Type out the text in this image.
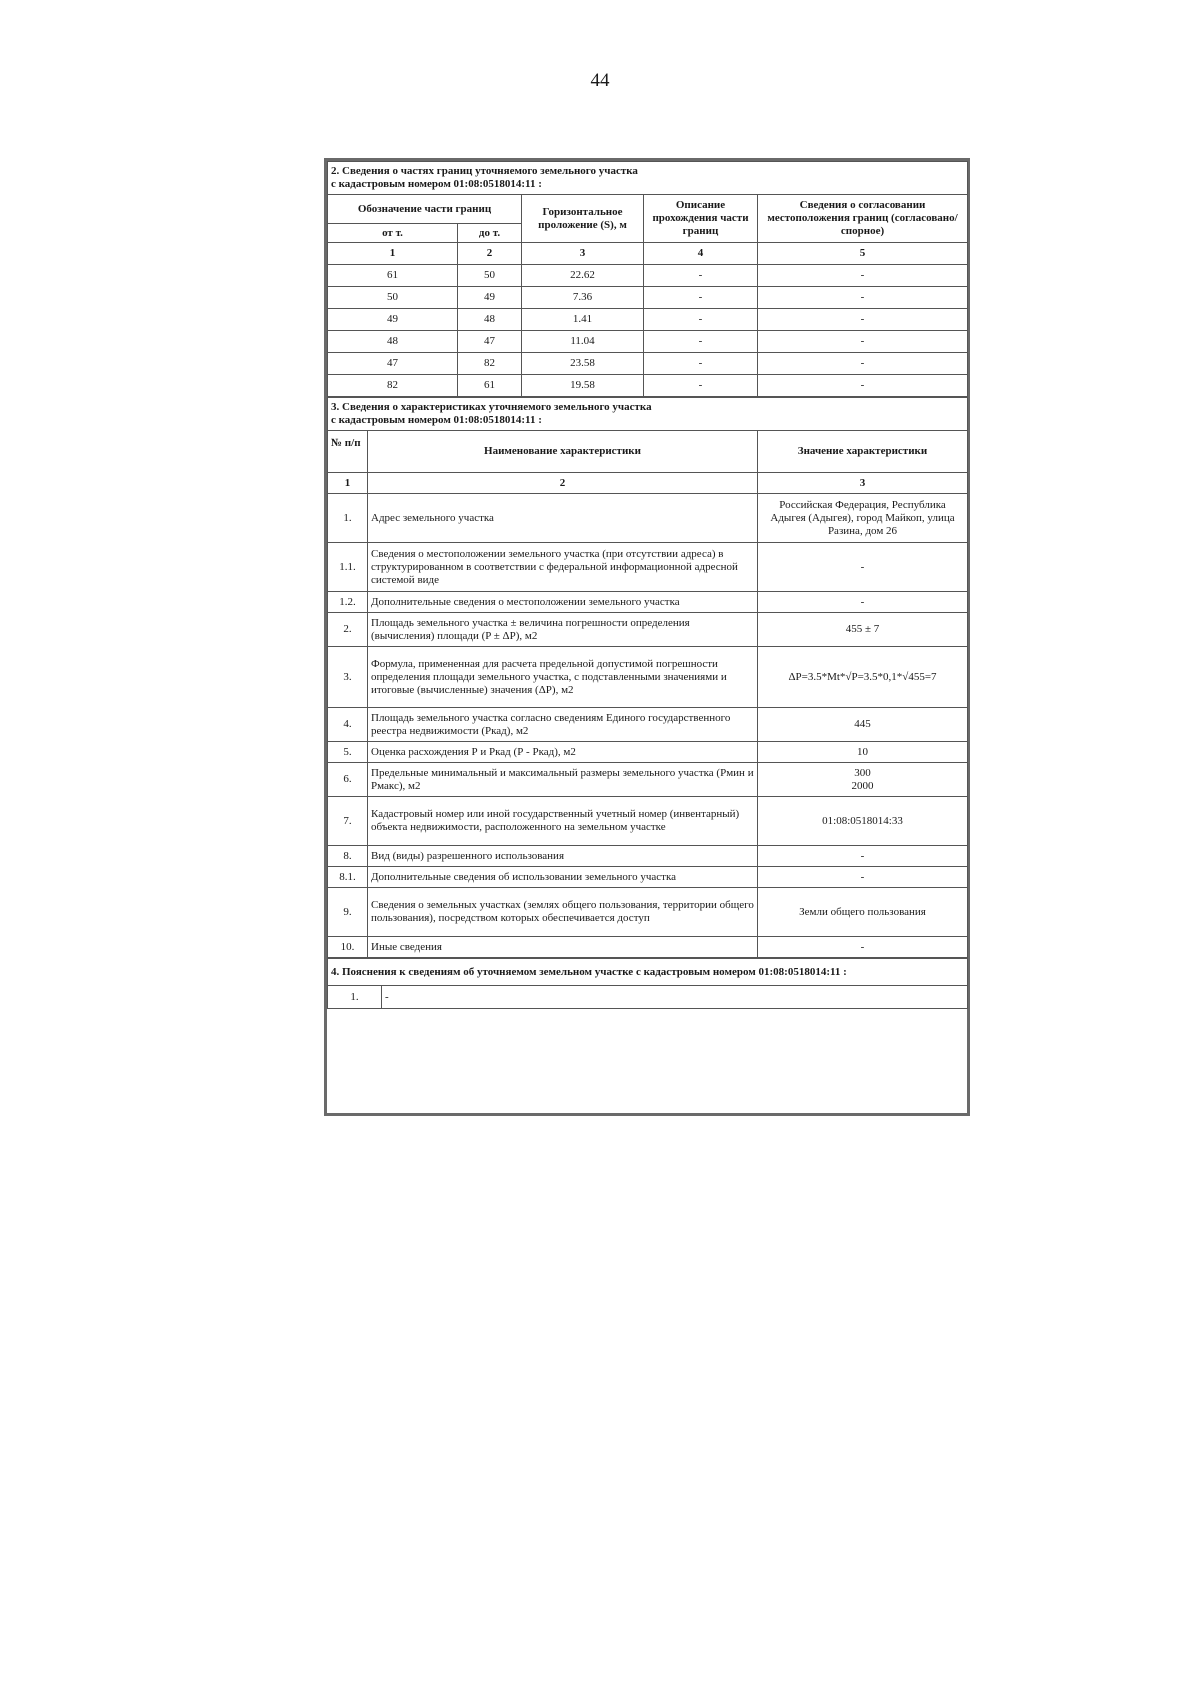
44
2. Сведения о частях границ уточняемого земельного участка
с кадастровым номером 01:08:0518014:11 :				

Обозначение части границ		Горизонтальное проложение (S), м	Описание прохождения части границ	Сведения о согласовании местоположения границ (согласовано/спорное)
от т.	до т.			
1	2	3	4	5
61	50	22.62	-	-
50	49	7.36	-	-
49	48	1.41	-	-
48	47	11.04	-	-
47	82	23.58	-	-
82	61	19.58	-	-
3. Сведения о характеристиках уточняемого земельного участка
с кадастровым номером 01:08:0518014:11 :		

№ п/п	Наименование характеристики	Значение характеристики
1	2	3
1.	Адрес земельного участка	Российская Федерация, Республика Адыгея (Адыгея), город Майкоп, улица Разина, дом 26
1.1.	Сведения о местоположении земельного участка (при отсутствии адреса) в структурированном в соответствии с федеральной информационной адресной системой виде	-
1.2.	Дополнительные сведения о местоположении земельного участка	-
2.	Площадь земельного участка ± величина погрешности определения (вычисления) площади (P ± ΔP), м2	455 ± 7
3.	Формула, примененная для расчета предельной допустимой погрешности определения площади земельного участка, с подставленными значениями и итоговые (вычисленные) значения (ΔP), м2	ΔP=3.5*Mt*√P=3.5*0,1*√455=7
4.	Площадь земельного участка согласно сведениям Единого государственного реестра недвижимости (Ркад), м2	445
5.	Оценка расхождения Р и Ркад (Р - Ркад), м2	10
6.	Предельные минимальный и максимальный размеры земельного участка (Рмин и Рмакс), м2	300
2000

7.	Кадастровый номер или иной государственный учетный номер (инвентарный) объекта недвижимости, расположенного на земельном участке	01:08:0518014:33
8.	Вид (виды) разрешенного использования	-
8.1.	Дополнительные сведения об использовании земельного участка	-
9.	Сведения о земельных участках (землях общего пользования, территории общего пользования), посредством которых обеспечивается доступ	Земли общего пользования
10.	Иные сведения	-
4. Пояснения к сведениям об уточняемом земельном участке с кадастровым номером 01:08:0518014:11 :
1.	-
